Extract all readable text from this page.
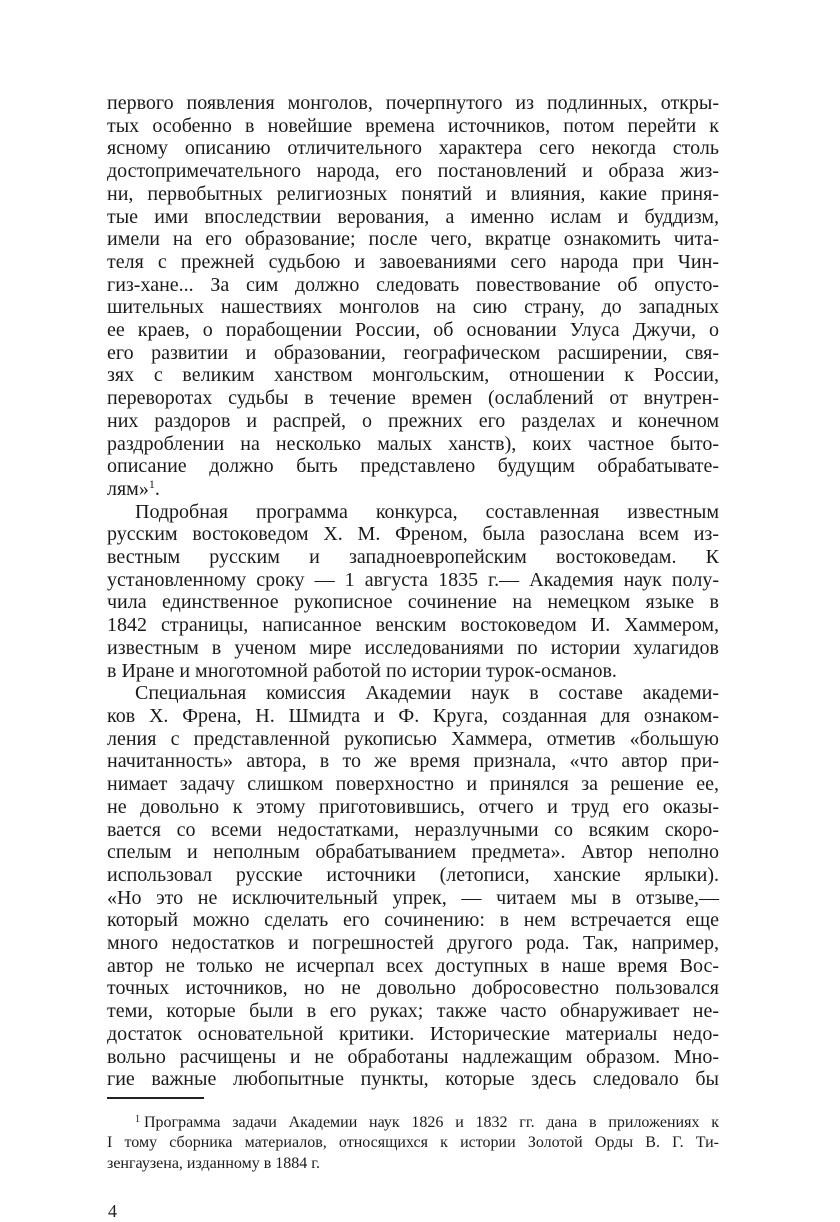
первого появления монголов, почерпнутого из подлинных, откры-
тых особенно в новейшие времена источников, потом перейти к
ясному описанию отличительного характера сего некогда столь
достопримечательного народа, его постановлений и образа жиз-
ни, первобытных религиозных понятий и влияния, какие приня-
тые ими впоследствии верования, а именно ислам и буддизм,
имели на его образование; после чего, вкратце ознакомить чита-
теля с прежней судьбою и завоеваниями сего народа при Чин-
гиз-хане... За сим должно следовать повествование об опусто-
шительных нашествиях монголов на сию страну, до западных
ее краев, о порабощении России, об основании Улуса Джучи, о
его развитии и образовании, географическом расширении, свя-
зях с великим ханством монгольским, отношении к России,
переворотах судьбы в течение времен (ослаблений от внутрен-
них раздоров и распрей, о прежних его разделах и конечном
раздроблении на несколько малых ханств), коих частное быто-
описание должно быть представлено будущим обрабатывате-
лям»1.
Подробная программа конкурса, составленная известным
русским востоковедом Х. М. Френом, была разослана всем из-
вестным русским и западноевропейским востоковедам. К
установленному сроку — 1 августа 1835 г.— Академия наук полу-
чила единственное рукописное сочинение на немецком языке в
1842 страницы, написанное венским востоковедом И. Хаммером,
известным в ученом мире исследованиями по истории хулагидов
в Иране и многотомной работой по истории турок-османов.
Специальная комиссия Академии наук в составе академи-
ков Х. Френа, Н. Шмидта и Ф. Круга, созданная для ознаком-
ления с представленной рукописью Хаммера, отметив «большую
начитанность» автора, в то же время признала, «что автор при-
нимает задачу слишком поверхностно и принялся за решение ее,
не довольно к этому приготовившись, отчего и труд его оказы-
вается со всеми недостатками, неразлучными со всяким скоро-
спелым и неполным обрабатыванием предмета». Автор неполно
использовал русские источники (летописи, ханские ярлыки).
«Но это не исключительный упрек, — читаем мы в отзыве,—
который можно сделать его сочинению: в нем встречается еще
много недостатков и погрешностей другого рода. Так, например,
автор не только не исчерпал всех доступных в наше время Вос-
точных источников, но не довольно добросовестно пользовался
теми, которые были в его руках; также часто обнаруживает не-
достаток основательной критики. Исторические материалы недо-
вольно расчищены и не обработаны надлежащим образом. Мно-
гие важные любопытные пункты, которые здесь следовало бы
1 Программа задачи Академии наук 1826 и 1832 гг. дана в приложениях к
I тому сборника материалов, относящихся к истории Золотой Орды В. Г. Ти-
зенгаузена, изданному в 1884 г.
4
